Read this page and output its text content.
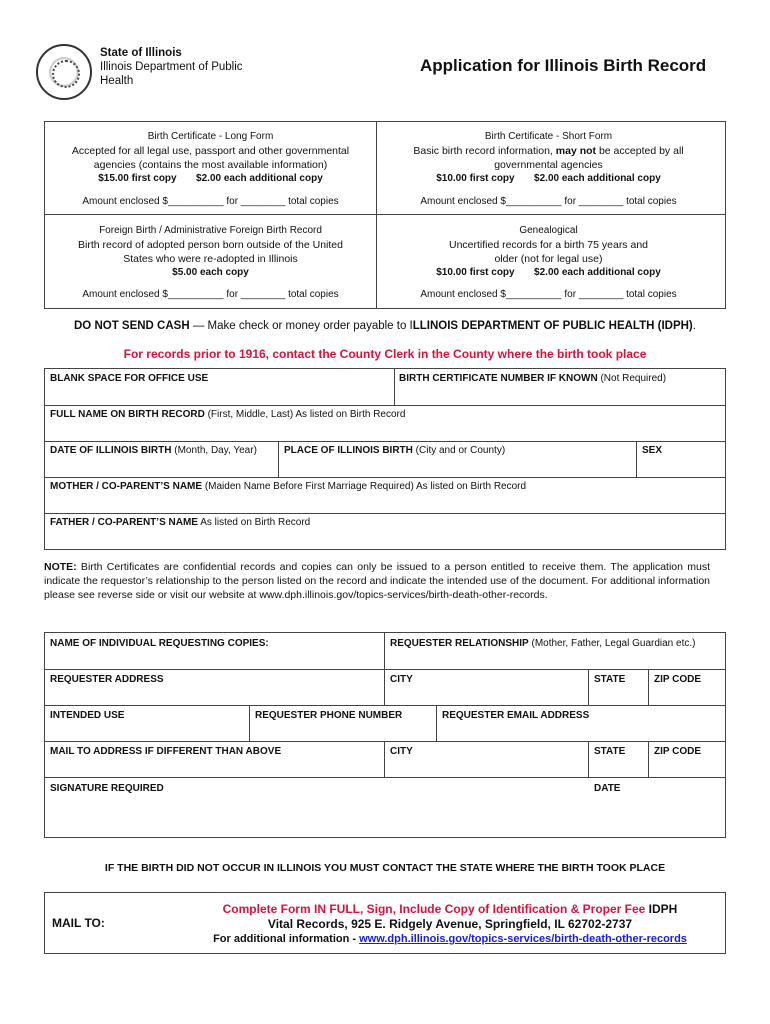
State of Illinois
Illinois Department of Public
Health
Application for Illinois Birth Record
Birth Certificate - Long Form
Accepted for all legal use, passport and other governmental
agencies (contains the most available information)
$15.00 first copy $2.00 each additional copy
Amount enclosed $__________ for ________ total copies
Birth Certificate - Short Form
Basic birth record information, may not be accepted by all
governmental agencies
$10.00 first copy $2.00 each additional copy
Amount enclosed $__________ for ________ total copies
Foreign Birth / Administrative Foreign Birth Record
Birth record of adopted person born outside of the United
States who were re-adopted in Illinois
$5.00 each copy
Amount enclosed $__________ for ________ total copies
Genealogical
Uncertified records for a birth 75 years and
older (not for legal use)
$10.00 first copy $2.00 each additional copy
Amount enclosed $__________ for ________ total copies
DO NOT SEND CASH — Make check or money order payable to ILLINOIS DEPARTMENT OF PUBLIC HEALTH (IDPH).
For records prior to 1916, contact the County Clerk in the County where the birth took place
BLANK SPACE FOR OFFICE USE	BIRTH CERTIFICATE NUMBER IF KNOWN (Not Required)
FULL NAME ON BIRTH RECORD (First, Middle, Last) As listed on Birth Record
DATE OF ILLINOIS BIRTH (Month, Day, Year)	PLACE OF ILLINOIS BIRTH (City and or County)	SEX
MOTHER / CO-PARENT’S NAME (Maiden Name Before First Marriage Required) As listed on Birth Record
FATHER / CO-PARENT’S NAME As listed on Birth Record
NOTE: Birth Certificates are confidential records and copies can only be issued to a person entitled to receive them. The application must indicate the requestor’s relationship to the person listed on the record and indicate the intended use of the document. For additional information please see reverse side or visit our website at www.dph.illinois.gov/topics-services/birth-death-other-records.
NAME OF INDIVIDUAL REQUESTING COPIES:	REQUESTER RELATIONSHIP (Mother, Father, Legal Guardian etc.)
REQUESTER ADDRESS	CITY	STATE	ZIP CODE
INTENDED USE	REQUESTER PHONE NUMBER	REQUESTER EMAIL ADDRESS
MAIL TO ADDRESS IF DIFFERENT THAN ABOVE	CITY	STATE	ZIP CODE
SIGNATURE REQUIRED	DATE
IF THE BIRTH DID NOT OCCUR IN ILLINOIS YOU MUST CONTACT THE STATE WHERE THE BIRTH TOOK PLACE
Complete Form IN FULL, Sign, Include Copy of Identification & Proper Fee IDPH
Vital Records, 925 E. Ridgely Avenue, Springfield, IL 62702-2737
For additional information - www.dph.illinois.gov/topics-services/birth-death-other-records
MAIL TO:
